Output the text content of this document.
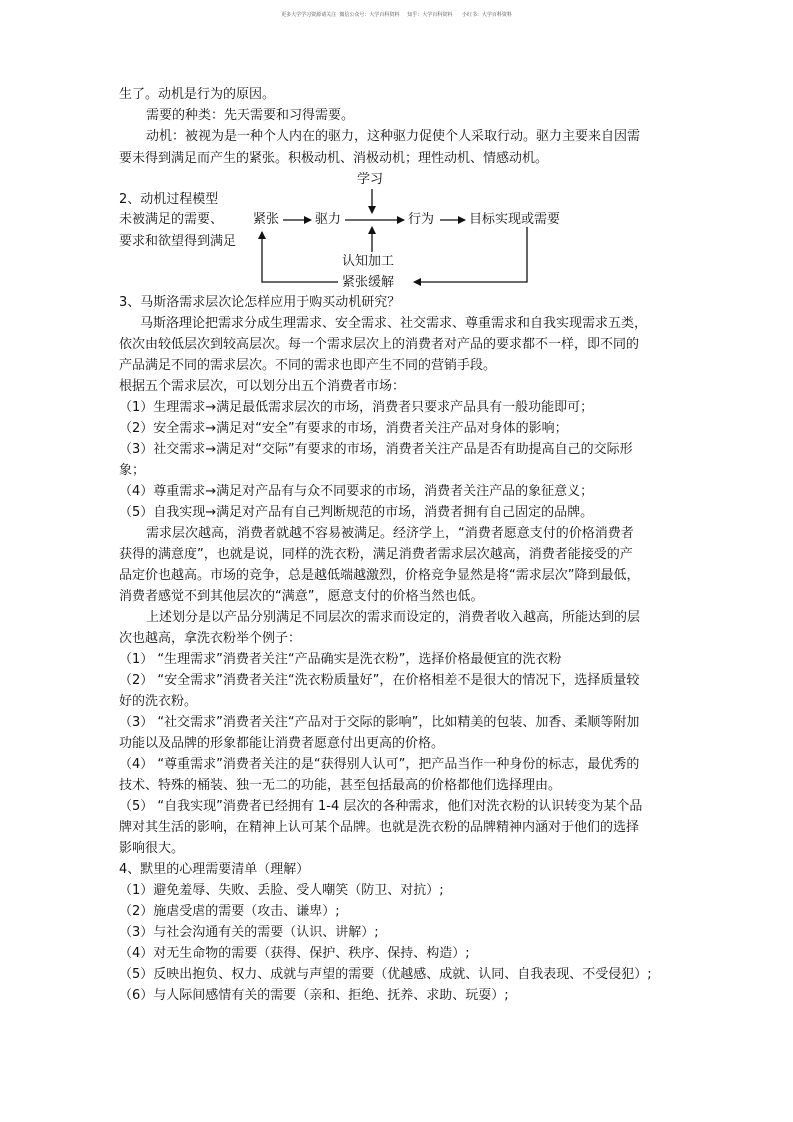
更多大学学习资源请关注  微信公众号：大学百科资料     知乎：大学百科资料      小红书：大学百科资料
生了。动机是行为的原因。
需要的种类：先天需要和习得需要。
动机：被视为是一种个人内在的驱力，这种驱力促使个人采取行动。驱力主要来自因需
要未得到满足而产生的紧张。积极动机、消极动机；理性动机、情感动机。
2、动机过程模型
未被满足的需要、
要求和欲望得到满足
3、马斯洛需求层次论怎样应用于购买动机研究？
马斯洛理论把需求分成生理需求、安全需求、社交需求、尊重需求和自我实现需求五类，
依次由较低层次到较高层次。每一个需求层次上的消费者对产品的要求都不一样，即不同的
产品满足不同的需求层次。不同的需求也即产生不同的营销手段。
根据五个需求层次，可以划分出五个消费者市场：
（1）生理需求→满足最低需求层次的市场，消费者只要求产品具有一般功能即可；
（2）安全需求→满足对“安全”有要求的市场，消费者关注产品对身体的影响；
（3）社交需求→满足对“交际”有要求的市场，消费者关注产品是否有助提高自己的交际形
象；
（4）尊重需求→满足对产品有与众不同要求的市场，消费者关注产品的象征意义；
（5）自我实现→满足对产品有自己判断规范的市场，消费者拥有自己固定的品牌。
需求层次越高，消费者就越不容易被满足。经济学上，“消费者愿意支付的价格消费者
获得的满意度”，也就是说，同样的洗衣粉，满足消费者需求层次越高，消费者能接受的产
品定价也越高。市场的竞争，总是越低端越激烈，价格竞争显然是将“需求层次”降到最低，
消费者感觉不到其他层次的“满意”，愿意支付的价格当然也低。
上述划分是以产品分别满足不同层次的需求而设定的，消费者收入越高，所能达到的层
次也越高，拿洗衣粉举个例子：
（1） “生理需求”消费者关注“产品确实是洗衣粉”，选择价格最便宜的洗衣粉
（2） “安全需求”消费者关注“洗衣粉质量好”，在价格相差不是很大的情况下，选择质量较
好的洗衣粉。
（3） “社交需求”消费者关注“产品对于交际的影响”，比如精美的包装、加香、柔顺等附加
功能以及品牌的形象都能让消费者愿意付出更高的价格。
（4） “尊重需求”消费者关注的是“获得别人认可”，把产品当作一种身份的标志，最优秀的
技术、特殊的桶装、独一无二的功能，甚至包括最高的价格都他们选择理由。
（5） “自我实现”消费者已经拥有 1-4 层次的各种需求，他们对洗衣粉的认识转变为某个品
牌对其生活的影响，在精神上认可某个品牌。也就是洗衣粉的品牌精神内涵对于他们的选择
影响很大。
4、默里的心理需要清单（理解）
（1）避免羞辱、失败、丢脸、受人嘲笑（防卫、对抗）;
（2）施虐受虐的需要（攻击、谦卑）;
（3）与社会沟通有关的需要（认识、讲解）;
（4）对无生命物的需要（获得、保护、秩序、保持、构造）;
（5）反映出抱负、权力、成就与声望的需要（优越感、成就、认同、自我表现、不受侵犯）;
（6）与人际间感情有关的需要（亲和、拒绝、抚养、求助、玩耍）;
学习
紧张	驱力	行为	目标实现或需要
认知加工
紧张缓解
